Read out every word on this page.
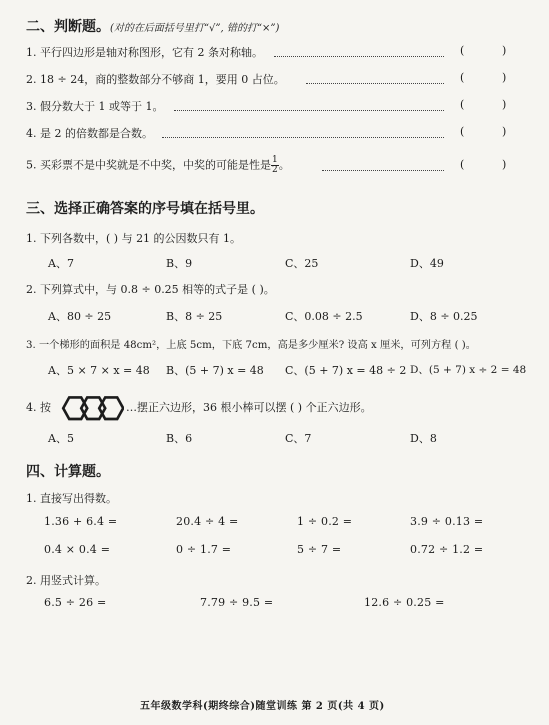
二、判断题。(对的在后面括号里打“√”, 错的打“×”)
1. 平行四边形是轴对称图形，它有 2 条对称轴。	(	)
2. 18 ÷ 24，商的整数部分不够商 1，要用 0 占位。	(	)
3. 假分数大于 1 或等于 1。	(	)
4. 是 2 的倍数都是合数。	(	)
5. 买彩票不是中奖就是不中奖，中奖的可能是性是 $\frac{1}{2}$ 。	(	)
三、选择正确答案的序号填在括号里。
1. 下列各数中，( ) 与 21 的公因数只有 1。
A、7	B、9	C、25	D、49
2. 下列算式中，与 0.8 ÷ 0.25 相等的式子是 ( )。
A、80 ÷ 25	B、8 ÷ 25	C、0.08 ÷ 2.5	D、8 ÷ 0.25
3. 一个梯形的面积是 48cm²，上底 5cm，下底 7cm，高是多少厘米? 设高 x 厘米，可列方程 ( )。
A、5 × 7 × x = 48 B、(5 + 7) x = 48 C、(5 + 7) x = 48 ÷ 2 D、(5 + 7) x ÷ 2 = 48
4. 按	…摆正六边形，36 根小棒可以摆 ( ) 个正六边形。
A、5	B、6	C、7	D、8
四、计算题。
1. 直接写出得数。
1.36 + 6.4 =	20.4 ÷ 4 =	1 ÷ 0.2 =	3.9 ÷ 0.13 =
0.4 × 0.4 =	0 ÷ 1.7 =	5 ÷ 7 =	0.72 ÷ 1.2 =
2. 用竖式计算。
6.5 ÷ 26 =	7.79 ÷ 9.5 =	12.6 ÷ 0.25 =
五年级数学科(期终综合)随堂训练 第 2 页(共 4 页)
